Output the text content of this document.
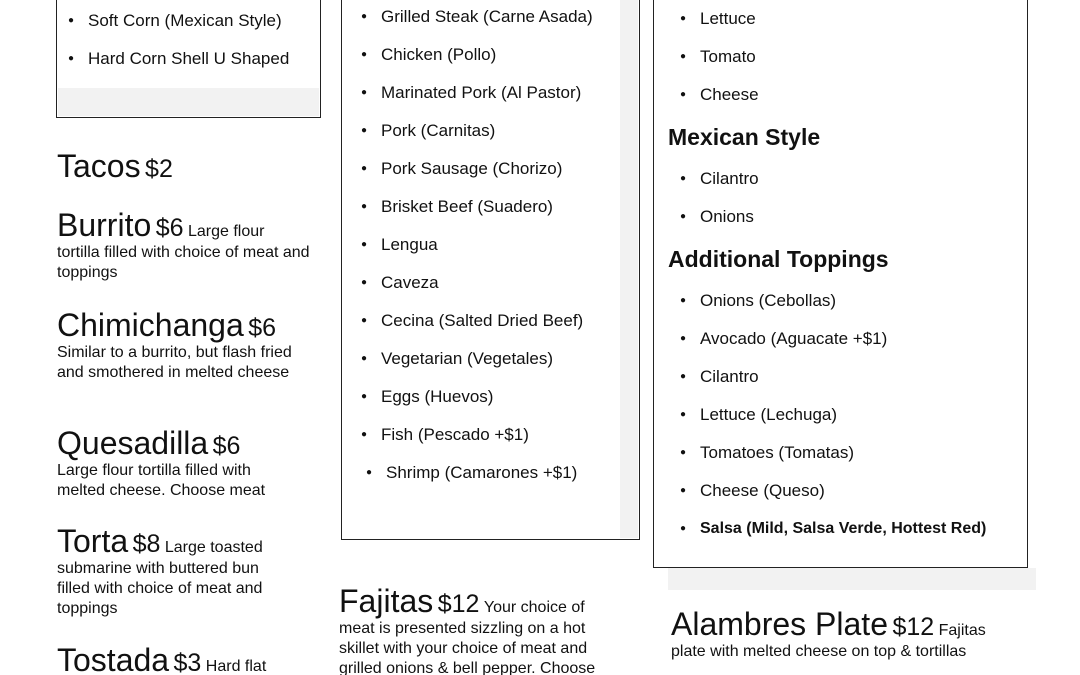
● Soft Corn (Mexican Style)
● Hard Corn Shell U Shaped
Tacos $2
Burrito $6 Large flour
tortilla filled with choice of meat and toppings
Chimichanga $6
Similar to a burrito, but flash fried and smothered in melted cheese
Quesadilla $6
Large flour tortilla filled with melted cheese. Choose meat
Torta $8 Large toasted
submarine with buttered bun filled with choice of meat and toppings
Tostada $3 Hard flat
● Grilled Steak (Carne Asada)
● Chicken (Pollo)
● Marinated Pork (Al Pastor)
● Pork (Carnitas)
● Pork Sausage (Chorizo)
● Brisket Beef (Suadero)
● Lengua
● Caveza
● Cecina (Salted Dried Beef)
● Vegetarian (Vegetales)
● Eggs (Huevos)
● Fish (Pescado +$1)
● Shrimp (Camarones +$1)
Fajitas $12 Your choice of
meat is presented sizzling on a hot skillet with your choice of meat and grilled onions & bell pepper. Choose
● Lettuce
● Tomato
● Cheese
Mexican Style
● Cilantro
● Onions
Additional Toppings
● Onions (Cebollas)
● Avocado (Aguacate +$1)
● Cilantro
● Lettuce (Lechuga)
● Tomatoes (Tomatas)
● Cheese (Queso)
● Salsa (Mild, Salsa Verde, Hottest Red)
Alambres Plate $12 Fajitas
plate with melted cheese on top & tortillas
